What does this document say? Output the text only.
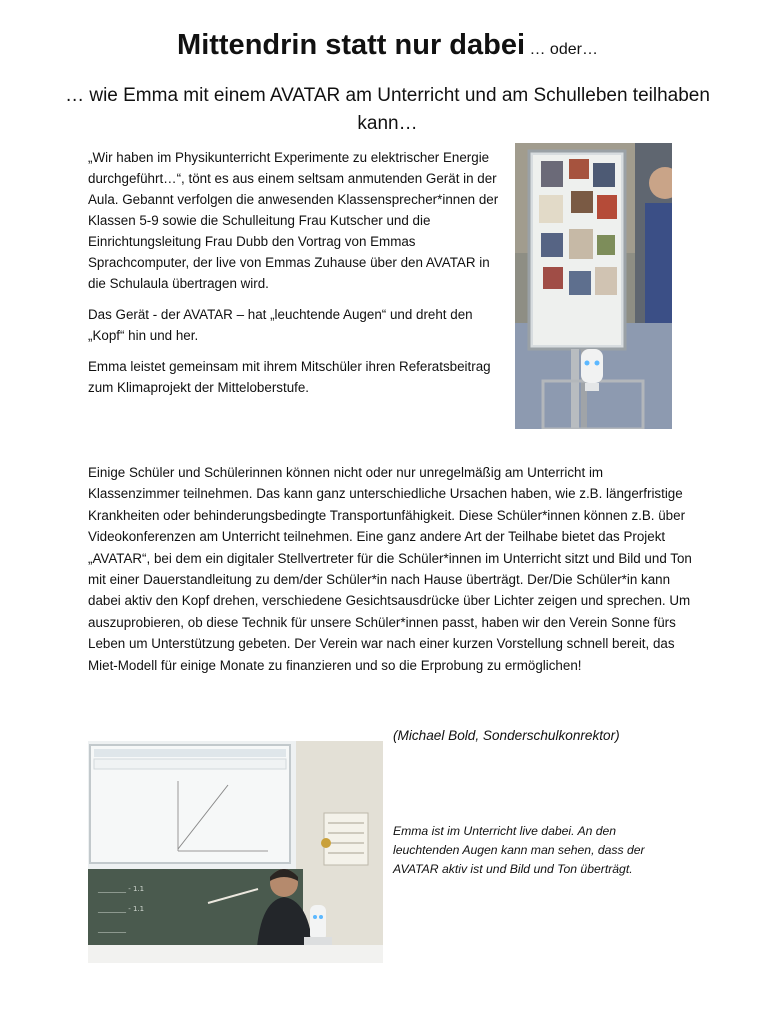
Mittendrin statt nur dabei … oder…
… wie Emma mit einem AVATAR am Unterricht und am Schulleben teilhaben kann…

„Wir haben im Physikunterricht Experimente zu elektrischer Energie durchgeführt…“, tönt es aus einem seltsam anmutenden Gerät in der Aula. Gebannt verfolgen die anwesenden Klassensprecher*innen der Klassen 5-9 sowie die Schulleitung Frau Kutscher und die Einrichtungsleitung Frau Dubb den Vortrag von Emmas Sprachcomputer, der live von Emmas Zuhause über den AVATAR in die Schulaula übertragen wird.

Das Gerät - der AVATAR – hat „leuchtende Augen“ und dreht den „Kopf“ hin und her.

Emma leistet gemeinsam mit ihrem Mitschüler ihren Referatsbeitrag zum Klimaprojekt der Mitteloberstufe.

Einige Schüler und Schülerinnen können nicht oder nur unregelmäßig am Unterricht im Klassenzimmer teilnehmen. Das kann ganz unterschiedliche Ursachen haben, wie z.B. längerfristige Krankheiten oder behinderungsbedingte Transportunfähigkeit. Diese Schüler*innen können z.B. über Videokonferenzen am Unterricht teilnehmen. Eine ganz andere Art der Teilhabe bietet das Projekt „AVATAR“, bei dem ein digitaler Stellvertreter für die Schüler*innen im Unterricht sitzt und Bild und Ton mit einer Dauerstandleitung zu dem/der Schüler*in nach Hause überträgt. Der/Die Schüler*in kann dabei aktiv den Kopf drehen, verschiedene Gesichtsausdrücke über Lichter zeigen und sprechen. Um auszuprobieren, ob diese Technik für unsere Schüler*innen passt, haben wir den Verein Sonne fürs Leben um Unterstützung gebeten. Der Verein war nach einer kurzen Vorstellung schnell bereit, das Miet-Modell für einige Monate zu finanzieren und so die Erprobung zu ermöglichen!

(Michael Bold, Sonderschulkonrektor)
________ - 1.1
________ - 1.1
________
Emma ist im Unterricht live dabei. An den leuchtenden Augen kann man sehen, dass der AVATAR aktiv ist und Bild und Ton überträgt.
